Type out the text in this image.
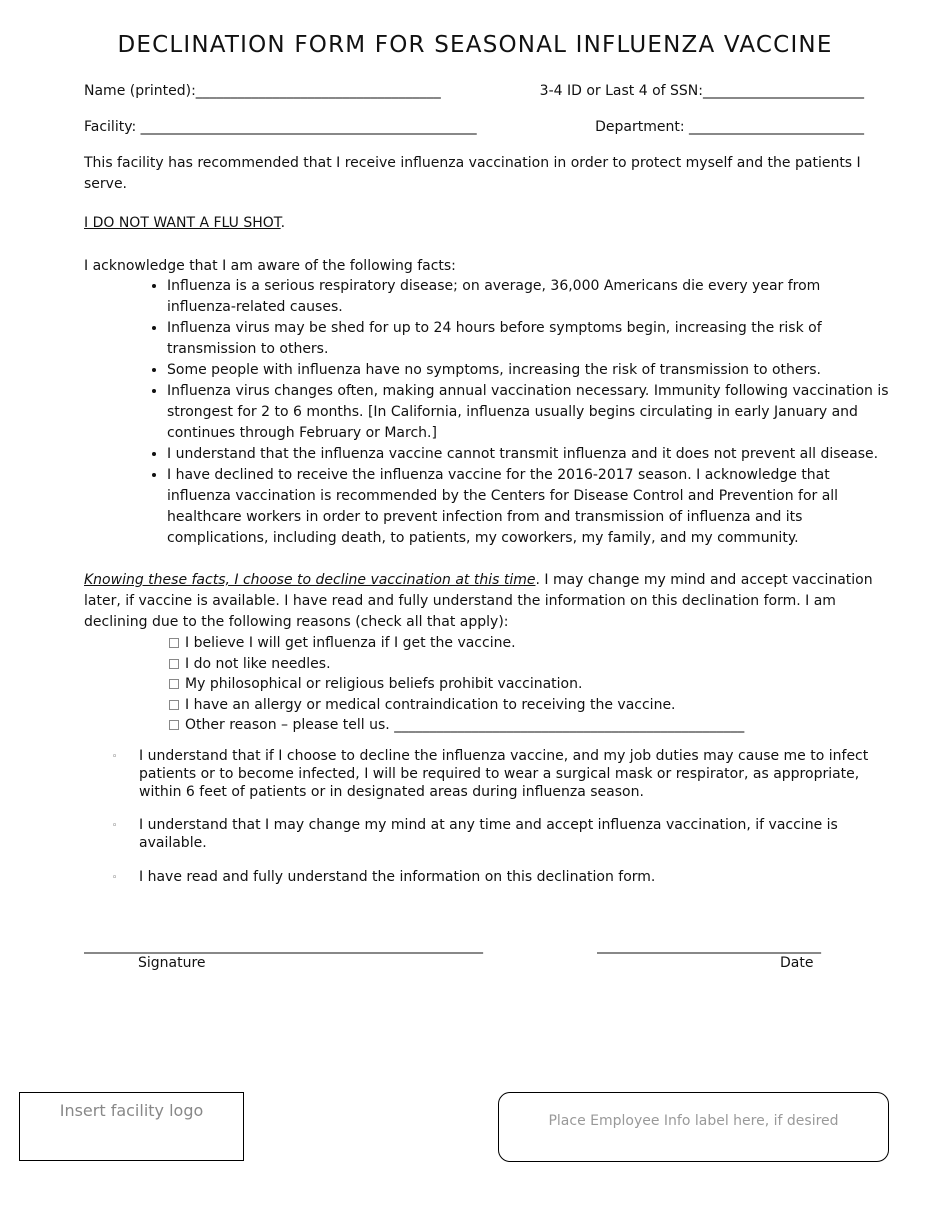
DECLINATION FORM FOR SEASONAL INFLUENZA VACCINE
Name (printed):___________________________________	3-4 ID or Last 4 of SSN:_______________________
Facility: ________________________________________________	Department: _________________________
This facility has recommended that I receive influenza vaccination in order to protect myself and the patients I serve.
I DO NOT WANT A FLU SHOT.
I acknowledge that I am aware of the following facts:
• Influenza is a serious respiratory disease; on average, 36,000 Americans die every year from influenza-related causes.
• Influenza virus may be shed for up to 24 hours before symptoms begin, increasing the risk of transmission to others.
• Some people with influenza have no symptoms, increasing the risk of transmission to others.
• Influenza virus changes often, making annual vaccination necessary. Immunity following vaccination is strongest for 2 to 6 months. [In California, influenza usually begins circulating in early January and continues through February or March.]
• I understand that the influenza vaccine cannot transmit influenza and it does not prevent all disease.
• I have declined to receive the influenza vaccine for the 2016-2017 season. I acknowledge that influenza vaccination is recommended by the Centers for Disease Control and Prevention for all healthcare workers in order to prevent infection from and transmission of influenza and its complications, including death, to patients, my coworkers, my family, and my community.
Knowing these facts, I choose to decline vaccination at this time. I may change my mind and accept vaccination later, if vaccine is available. I have read and fully understand the information on this declination form. I am declining due to the following reasons (check all that apply):
I believe I will get influenza if I get the vaccine.
I do not like needles.
My philosophical or religious beliefs prohibit vaccination.
I have an allergy or medical contraindication to receiving the vaccine.
Other reason – please tell us. __________________________________________________
◦	I understand that if I choose to decline the influenza vaccine, and my job duties may cause me to infect patients or to become infected, I will be required to wear a surgical mask or respirator, as appropriate, within 6 feet of patients or in designated areas during influenza season.
◦	I understand that I may change my mind at any time and accept influenza vaccination, if vaccine is available.
◦	I have read and fully understand the information on this declination form.
_________________________________________________________	________________________________
Signature	Date
Insert facility logo
Place Employee Info label here, if desired
